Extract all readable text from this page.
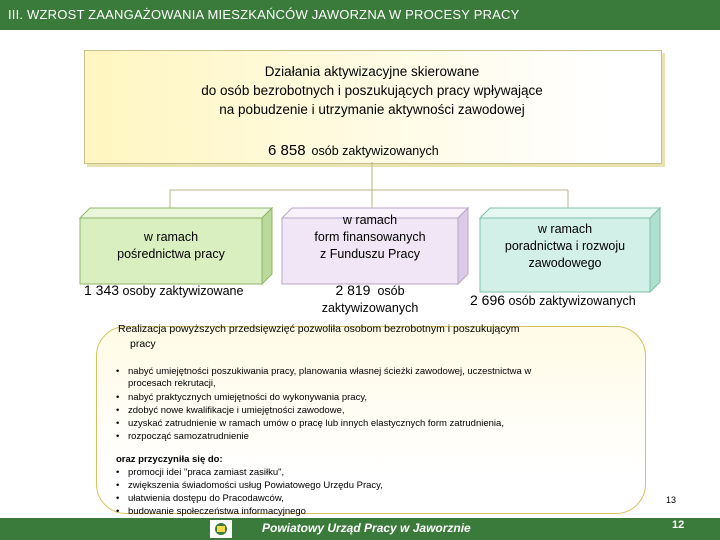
III. WZROST ZAANGAŻOWANIA MIESZKAŃCÓW JAWORZNA W PROCESY PRACY
Działania aktywizacyjne skierowane
do osób bezrobotnych i poszukujących pracy wpływające
na pobudzenie i utrzymanie aktywności zawodowej
6 858 osób zaktywizowanych
w ramach
pośrednictwa pracy
w ramach
form finansowanych
z Funduszu Pracy
w ramach
poradnictwa i rozwoju
zawodowego
1 343 osoby zaktywizowane	2 819 osób
zaktywizowanych	2 696 osób zaktywizowanych
Realizacja powyższych przedsięwzięć pozwoliła osobom bezrobotnym i poszukującym
pracy
• nabyć umiejętności poszukiwania pracy, planowania własnej ścieżki zawodowej, uczestnictwa w
procesach rekrutacji,
• nabyć praktycznych umiejętności do wykonywania pracy,
• zdobyć nowe kwalifikacje i umiejętności zawodowe,
• uzyskać zatrudnienie w ramach umów o pracę lub innych elastycznych form zatrudnienia,
• rozpocząć samozatrudnienie
oraz przyczyniła się do:
• promocji idei "praca zamiast zasiłku",
• zwiększenia świadomości usług Powiatowego Urzędu Pracy,
• ułatwienia dostępu do Pracodawców,
• budowanie społeczeństwa informacyjnego
13
Powiatowy Urząd Pracy w Jaworznie	12
